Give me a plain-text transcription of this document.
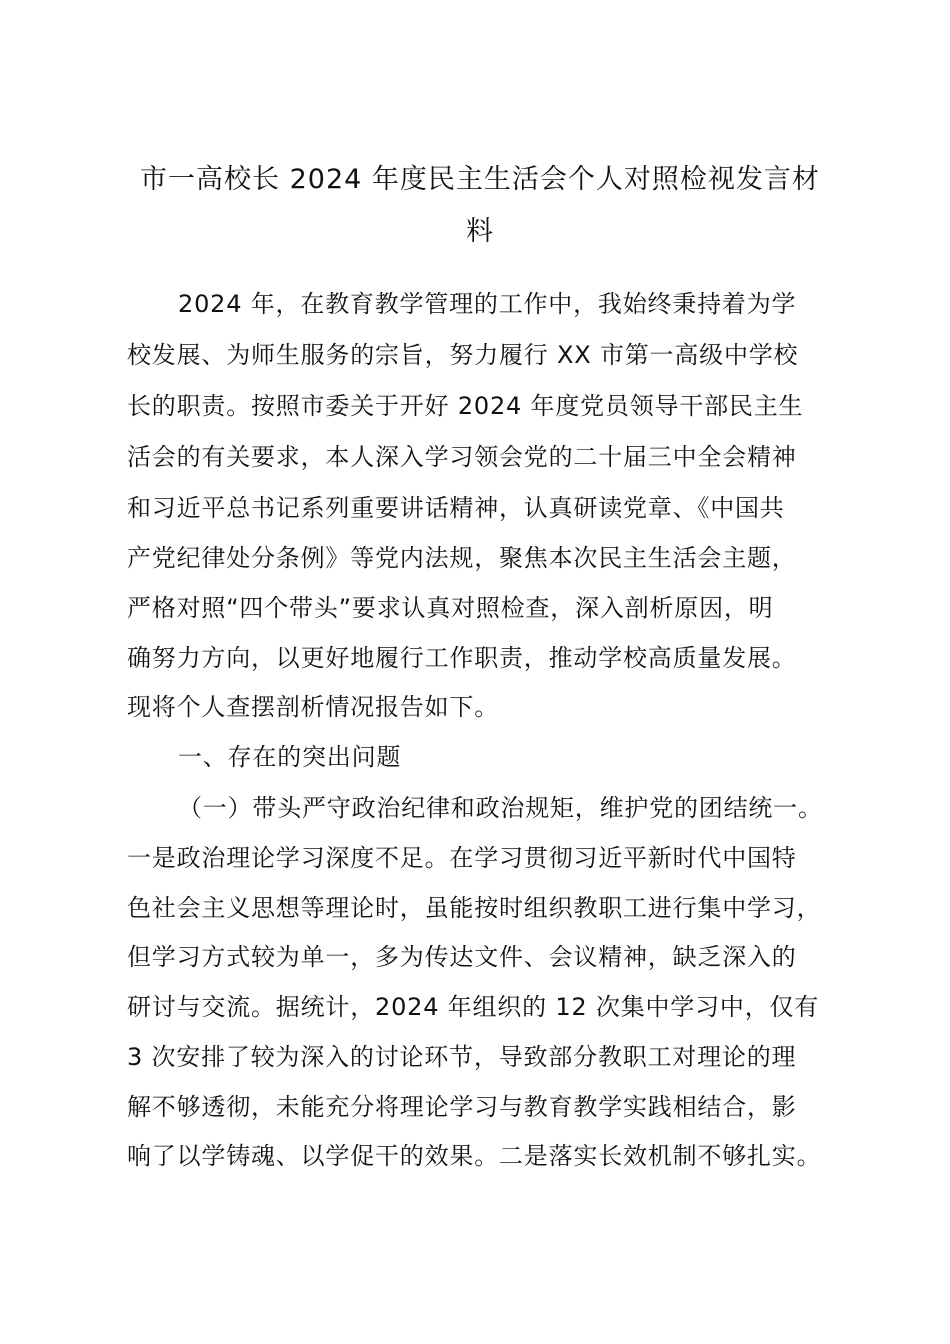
市一高校长 2024 年度民主生活会个人对照检视发言材
料
2024 年，在教育教学管理的工作中，我始终秉持着为学
校发展、为师生服务的宗旨，努力履行 XX 市第一高级中学校
长的职责。按照市委关于开好 2024 年度党员领导干部民主生
活会的有关要求，本人深入学习领会党的二十届三中全会精神
和习近平总书记系列重要讲话精神，认真研读党章、《中国共
产党纪律处分条例》等党内法规，聚焦本次民主生活会主题，
严格对照“四个带头”要求认真对照检查，深入剖析原因，明
确努力方向，以更好地履行工作职责，推动学校高质量发展。
现将个人查摆剖析情况报告如下。
一、存在的突出问题
（一）带头严守政治纪律和政治规矩，维护党的团结统一。
一是政治理论学习深度不足。在学习贯彻习近平新时代中国特
色社会主义思想等理论时，虽能按时组织教职工进行集中学习，
但学习方式较为单一，多为传达文件、会议精神，缺乏深入的
研讨与交流。据统计，2024 年组织的 12 次集中学习中，仅有
3 次安排了较为深入的讨论环节，导致部分教职工对理论的理
解不够透彻，未能充分将理论学习与教育教学实践相结合，影
响了以学铸魂、以学促干的效果。二是落实长效机制不够扎实。
